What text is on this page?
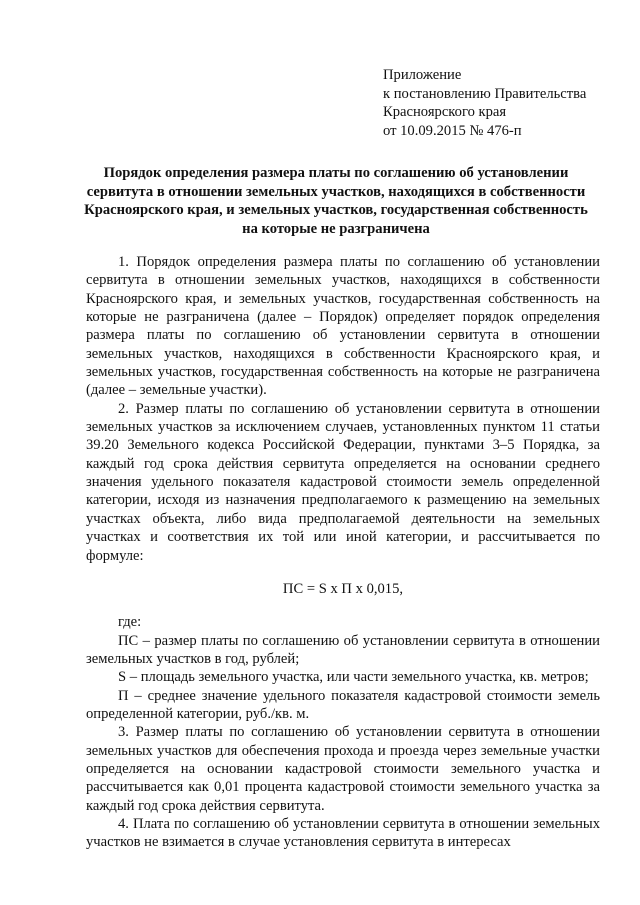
Приложение
к постановлению Правительства
Красноярского края
от 10.09.2015 № 476-п
Порядок определения размера платы по соглашению об установлении сервитута в отношении земельных участков, находящихся в собственности Красноярского края, и земельных участков, государственная собственность на которые не разграничена

1. Порядок определения размера платы по соглашению об установлении сервитута в отношении земельных участков, находящихся в собственности Красноярского края, и земельных участков, государственная собственность на которые не разграничена (далее – Порядок) определяет порядок определения размера платы по соглашению об установлении сервитута в отношении земельных участков, находящихся в собственности Красноярского края, и земельных участков, государственная собственность на которые не разграничена (далее – земельные участки).

2. Размер платы по соглашению об установлении сервитута в отношении земельных участков за исключением случаев, установленных пунктом 11 статьи 39.20 Земельного кодекса Российской Федерации, пунктами 3–5 Порядка, за каждый год срока действия сервитута определяется на основании среднего значения удельного показателя кадастровой стоимости земель определенной категории, исходя из назначения предполагаемого к размещению на земельных участках объекта, либо вида предполагаемой деятельности на земельных участках и соответствия их той или иной категории, и рассчитывается по формуле:

ПС = S х П х 0,015,

где:

ПС – размер платы по соглашению об установлении сервитута в отношении земельных участков в год, рублей;

S – площадь земельного участка, или части земельного участка, кв. метров;

П – среднее значение удельного показателя кадастровой стоимости земель определенной категории, руб./кв. м.

3. Размер платы по соглашению об установлении сервитута в отношении земельных участков для обеспечения прохода и проезда через земельные участки определяется на основании кадастровой стоимости земельного участка и рассчитывается как 0,01 процента кадастровой стоимости земельного участка за каждый год срока действия сервитута.

4. Плата по соглашению об установлении сервитута в отношении земельных участков не взимается в случае установления сервитута в интересах
